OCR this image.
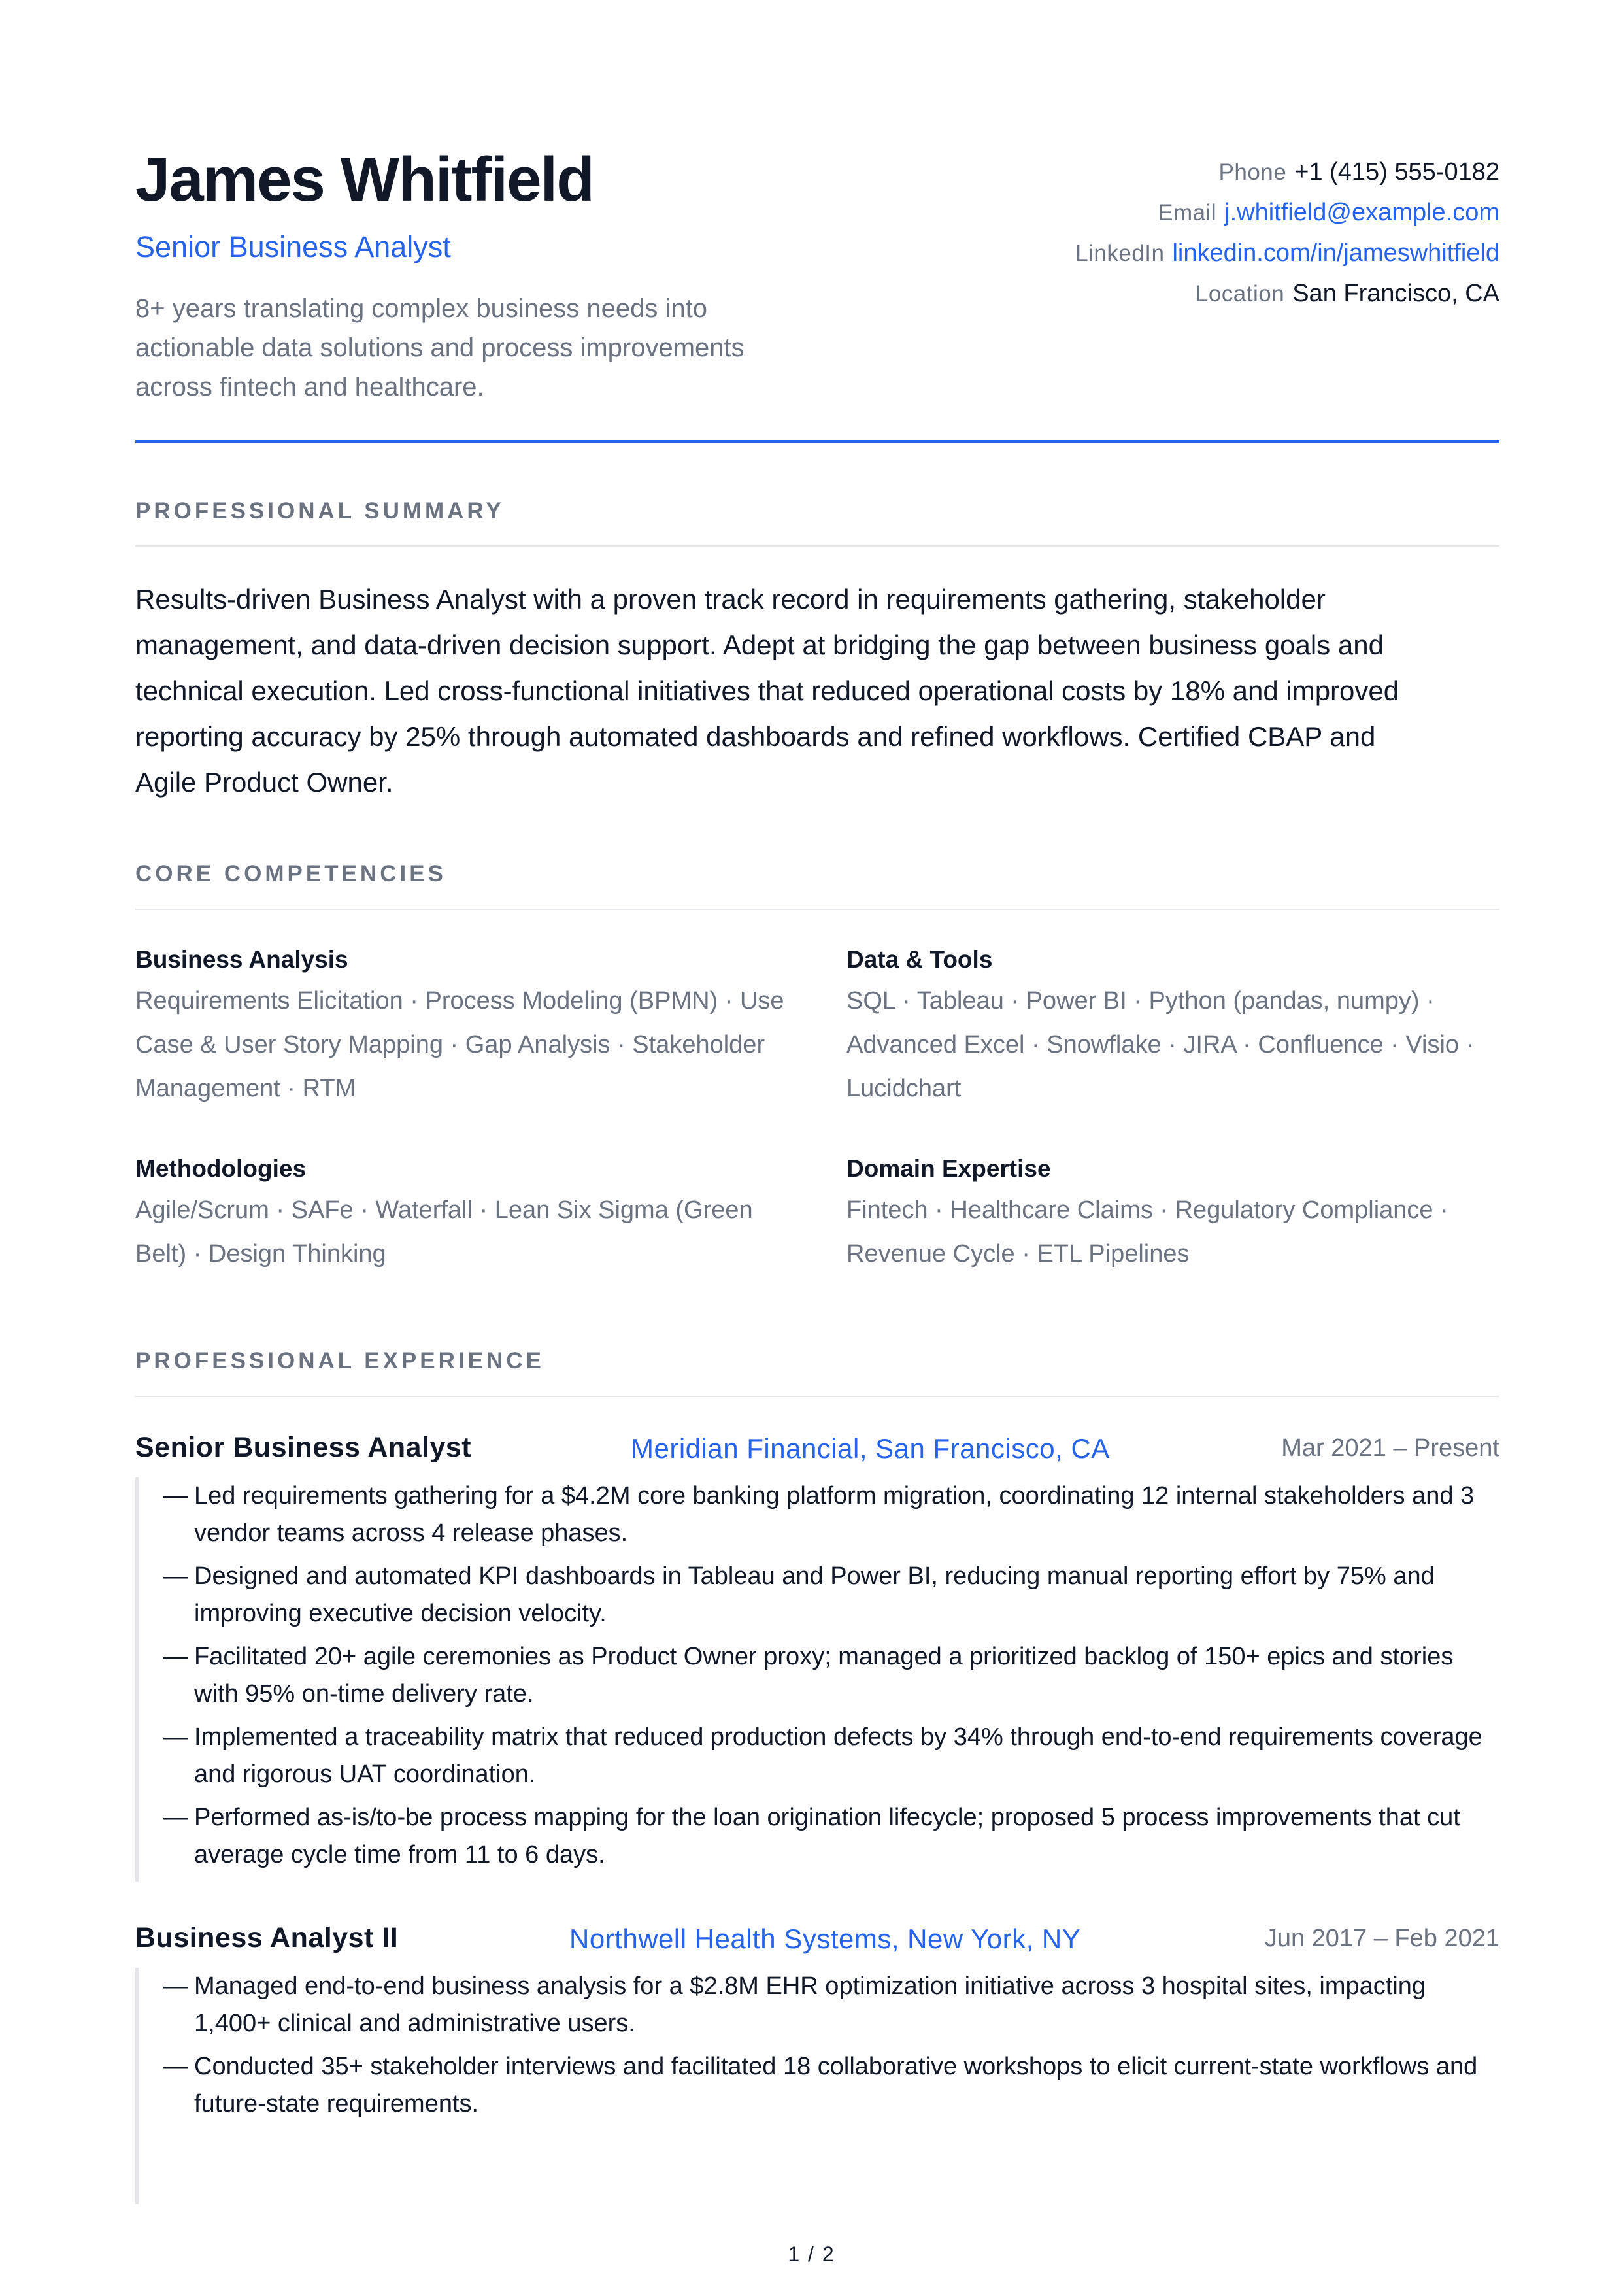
James Whitfield
Senior Business Analyst
8+ years translating complex business needs into actionable data solutions and process improvements across fintech and healthcare.
Phone +1 (415) 555-0182
Email j.whitfield@example.com
LinkedIn linkedin.com/in/jameswhitfield
Location San Francisco, CA
PROFESSIONAL SUMMARY
Results-driven Business Analyst with a proven track record in requirements gathering, stakeholder management, and data-driven decision support. Adept at bridging the gap between business goals and technical execution. Led cross-functional initiatives that reduced operational costs by 18% and improved reporting accuracy by 25% through automated dashboards and refined workflows. Certified CBAP and Agile Product Owner.
CORE COMPETENCIES
Business Analysis
Requirements Elicitation · Process Modeling (BPMN) · Use Case & User Story Mapping · Gap Analysis · Stakeholder Management · RTM
Data & Tools
SQL · Tableau · Power BI · Python (pandas, numpy) · Advanced Excel · Snowflake · JIRA · Confluence · Visio · Lucidchart
Methodologies
Agile/Scrum · SAFe · Waterfall · Lean Six Sigma (Green Belt) · Design Thinking
Domain Expertise
Fintech · Healthcare Claims · Regulatory Compliance · Revenue Cycle · ETL Pipelines
PROFESSIONAL EXPERIENCE
Senior Business Analyst	Meridian Financial, San Francisco, CA	Mar 2021 – Present
— Led requirements gathering for a $4.2M core banking platform migration, coordinating 12 internal stakeholders and 3 vendor teams across 4 release phases.
— Designed and automated KPI dashboards in Tableau and Power BI, reducing manual reporting effort by 75% and improving executive decision velocity.
— Facilitated 20+ agile ceremonies as Product Owner proxy; managed a prioritized backlog of 150+ epics and stories with 95% on-time delivery rate.
— Implemented a traceability matrix that reduced production defects by 34% through end-to-end requirements coverage and rigorous UAT coordination.
— Performed as-is/to-be process mapping for the loan origination lifecycle; proposed 5 process improvements that cut average cycle time from 11 to 6 days.
Business Analyst II	Northwell Health Systems, New York, NY	Jun 2017 – Feb 2021
— Managed end-to-end business analysis for a $2.8M EHR optimization initiative across 3 hospital sites, impacting 1,400+ clinical and administrative users.
— Conducted 35+ stakeholder interviews and facilitated 18 collaborative workshops to elicit current-state workflows and future-state requirements.
1 / 2
